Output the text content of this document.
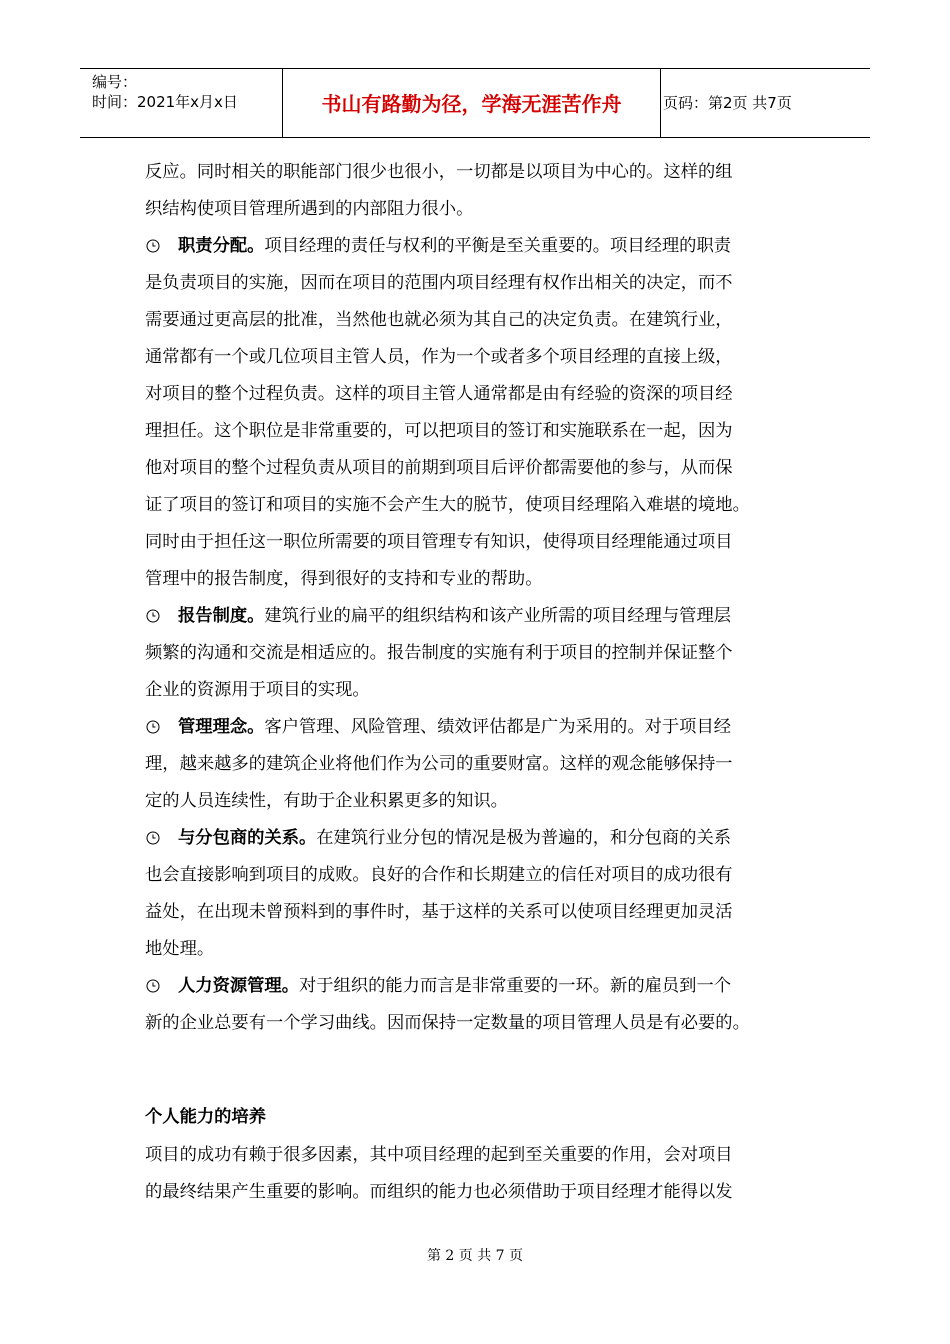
编号：
时间：2021年x月x日	书山有路勤为径，学海无涯苦作舟	页码：第2页 共7页
反应。同时相关的职能部门很少也很小，一切都是以项目为中心的。这样的组
织结构使项目管理所遇到的内部阻力很小。
职责分配。项目经理的责任与权利的平衡是至关重要的。项目经理的职责
是负责项目的实施，因而在项目的范围内项目经理有权作出相关的决定，而不
需要通过更高层的批准，当然他也就必须为其自己的决定负责。在建筑行业，
通常都有一个或几位项目主管人员，作为一个或者多个项目经理的直接上级，
对项目的整个过程负责。这样的项目主管人通常都是由有经验的资深的项目经
理担任。这个职位是非常重要的，可以把项目的签订和实施联系在一起，因为
他对项目的整个过程负责从项目的前期到项目后评价都需要他的参与，从而保
证了项目的签订和项目的实施不会产生大的脱节，使项目经理陷入难堪的境地。
同时由于担任这一职位所需要的项目管理专有知识，使得项目经理能通过项目
管理中的报告制度，得到很好的支持和专业的帮助。
报告制度。建筑行业的扁平的组织结构和该产业所需的项目经理与管理层
频繁的沟通和交流是相适应的。报告制度的实施有利于项目的控制并保证整个
企业的资源用于项目的实现。
管理理念。客户管理、风险管理、绩效评估都是广为采用的。对于项目经
理，越来越多的建筑企业将他们作为公司的重要财富。这样的观念能够保持一
定的人员连续性，有助于企业积累更多的知识。
与分包商的关系。在建筑行业分包的情况是极为普遍的，和分包商的关系
也会直接影响到项目的成败。良好的合作和长期建立的信任对项目的成功很有
益处，在出现未曾预料到的事件时，基于这样的关系可以使项目经理更加灵活
地处理。
人力资源管理。对于组织的能力而言是非常重要的一环。新的雇员到一个
新的企业总要有一个学习曲线。因而保持一定数量的项目管理人员是有必要的。
个人能力的培养
项目的成功有赖于很多因素，其中项目经理的起到至关重要的作用，会对项目
的最终结果产生重要的影响。而组织的能力也必须借助于项目经理才能得以发
第 2 页 共 7 页
